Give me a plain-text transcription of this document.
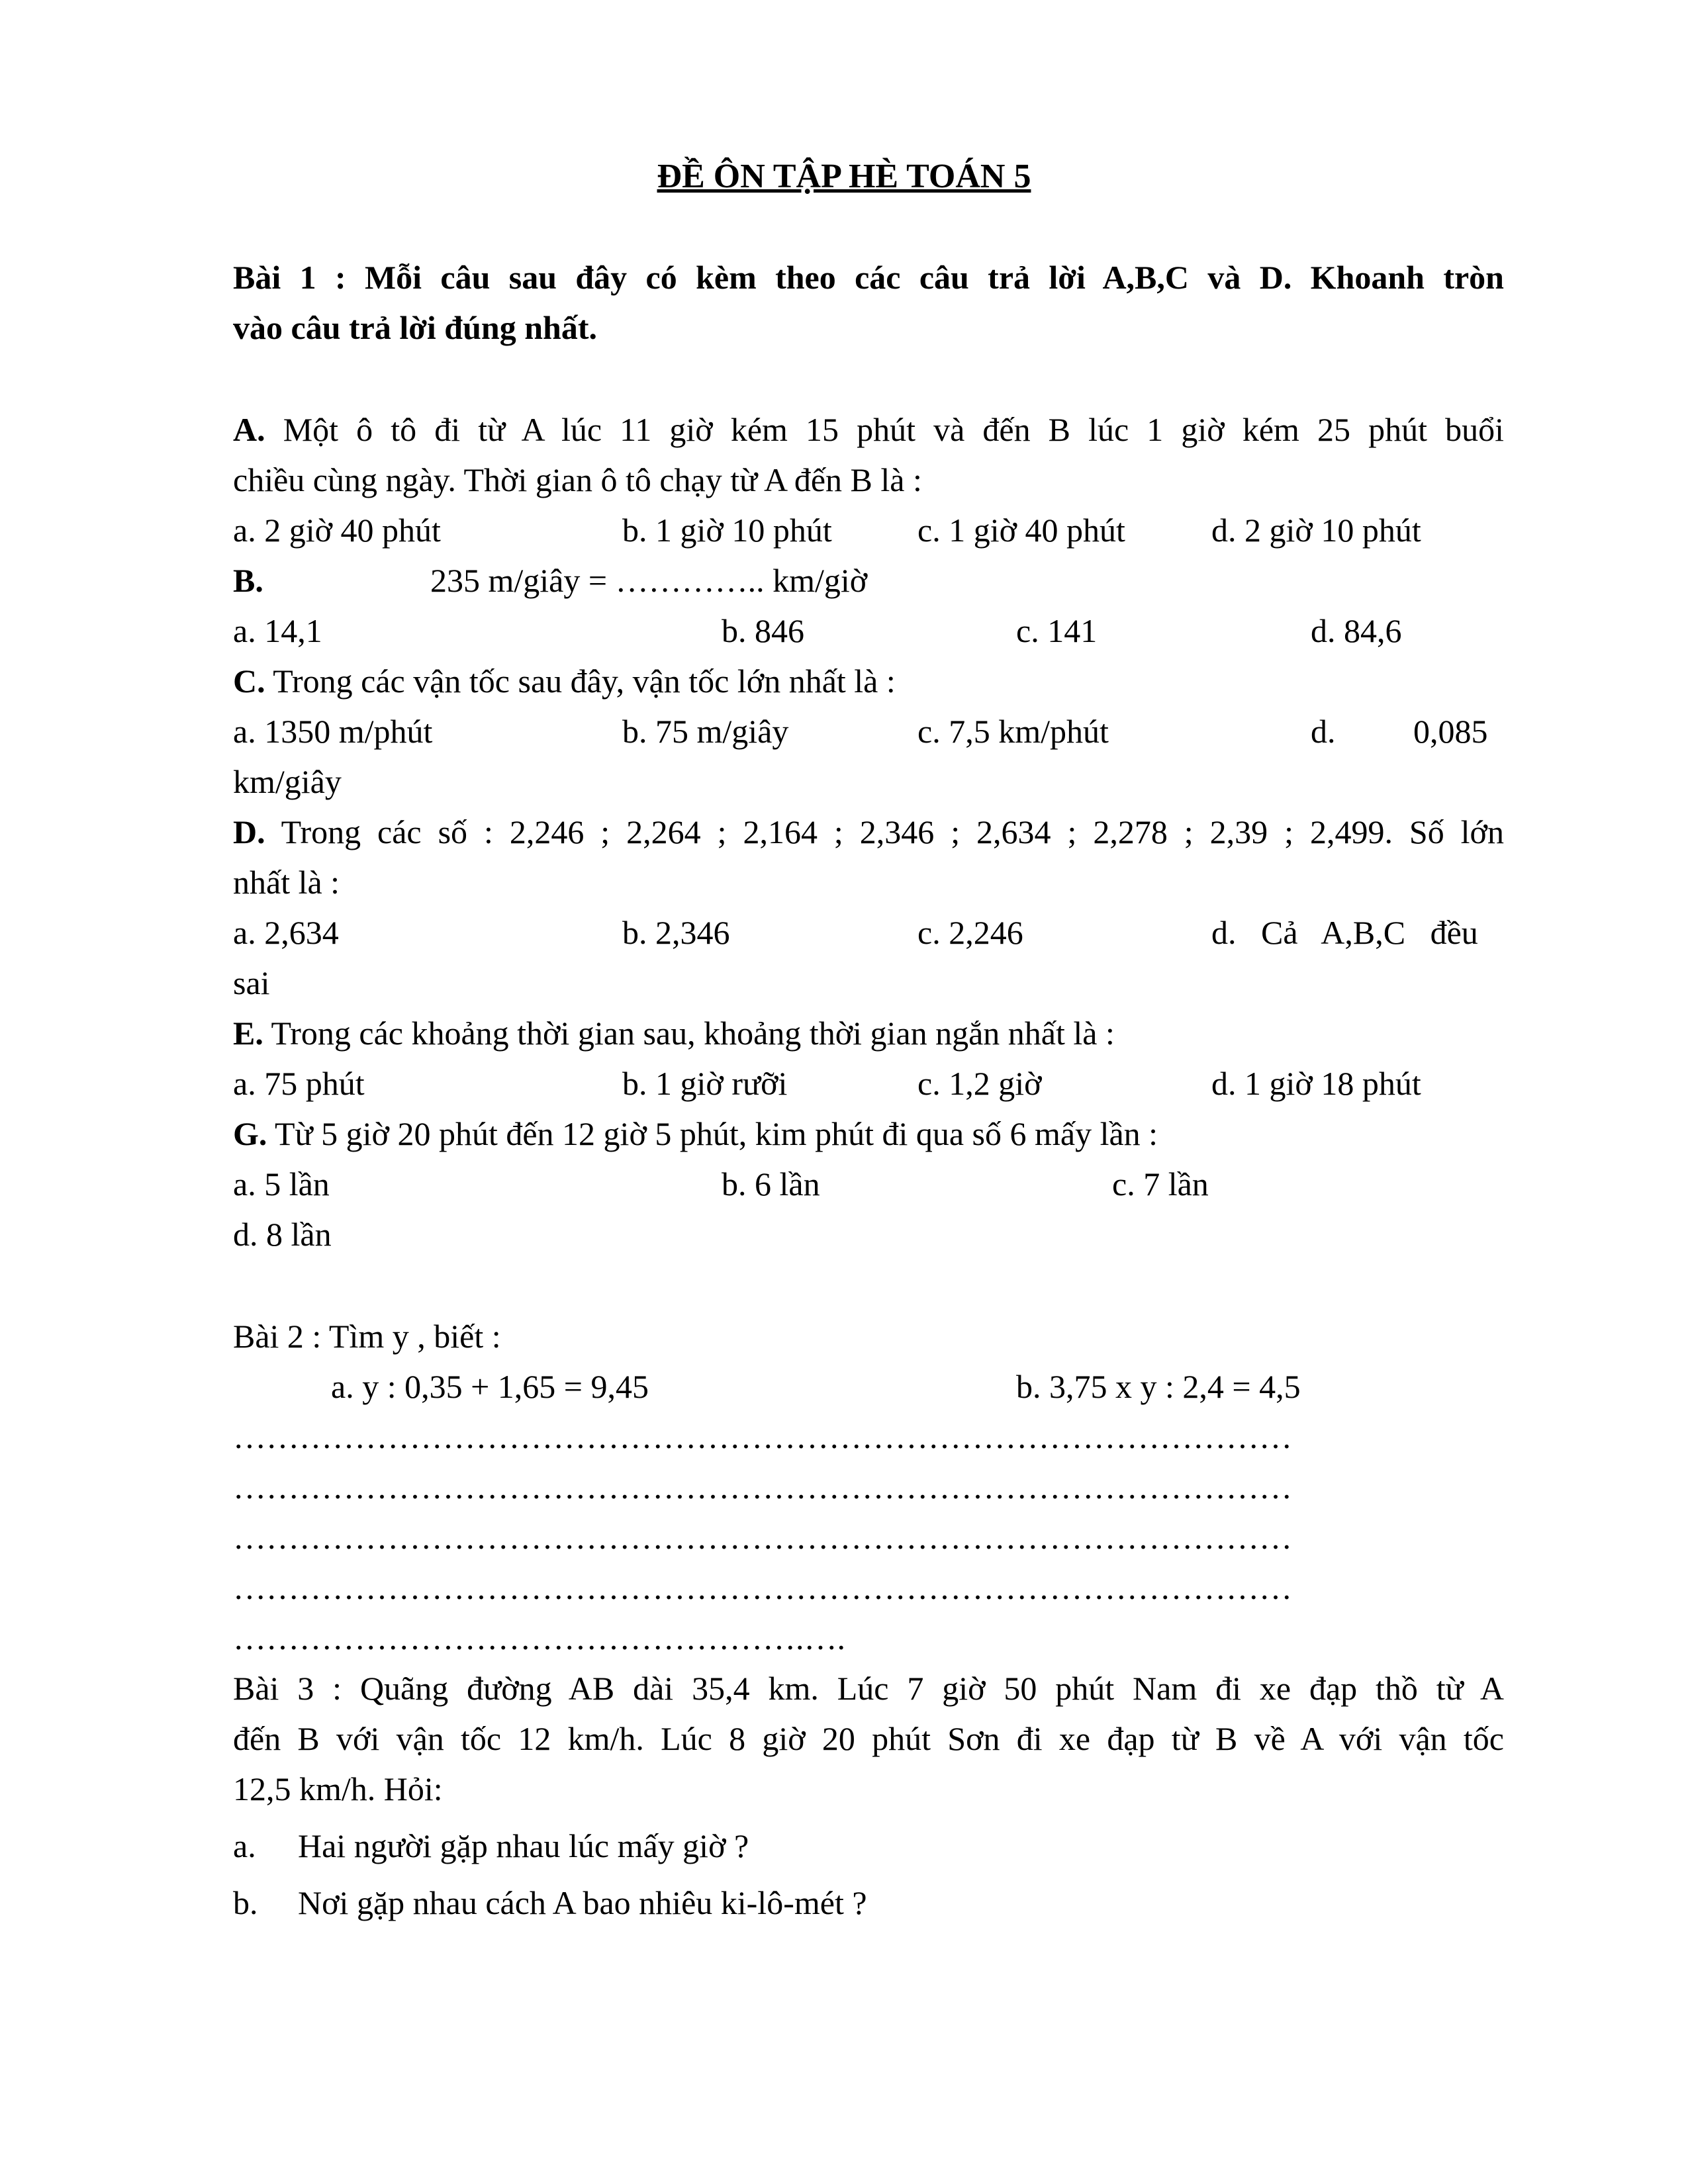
ĐỀ ÔN TẬP HÈ TOÁN 5

Bài 1 : Mỗi câu sau đây có kèm theo các câu trả lời A,B,C và D. Khoanh tròn

vào câu trả lời đúng nhất.

A. Một ô tô đi từ A lúc 11 giờ kém 15 phút và đến B lúc 1 giờ kém 25 phút buổi

chiều cùng ngày. Thời gian ô tô chạy từ A đến B là :

a. 2 giờ 40 phút	b. 1 giờ 10 phút	c. 1 giờ 40 phút	d. 2 giờ 10 phút

B.	235 m/giây = ………….. km/giờ

a. 14,1	b. 846	c. 141	d. 84,6

C. Trong các vận tốc sau đây, vận tốc lớn nhất là :

a. 1350 m/phút	b. 75 m/giây	c. 7,5 km/phút	d. 0,085

km/giây

D. Trong các số : 2,246 ; 2,264 ; 2,164 ; 2,346 ; 2,634 ; 2,278 ; 2,39 ; 2,499. Số lớn

nhất là :

a. 2,634	b. 2,346	c. 2,246	d.   Cả   A,B,C   đều

sai

E. Trong các khoảng thời gian sau, khoảng thời gian ngắn nhất là :

a. 75 phút	b. 1 giờ rưỡi	c. 1,2 giờ	d. 1 giờ 18 phút

G. Từ 5 giờ 20 phút đến 12 giờ 5 phút, kim phút đi qua số 6 mấy lần :

a. 5 lần	b. 6 lần	c. 7 lần

d. 8 lần

Bài 2 : Tìm y , biết :

a. y : 0,35 + 1,65 = 9,45	b. 3,75 x y : 2,4 = 4,5

……………………………………………………………………………………
……………………………………………………………………………………
……………………………………………………………………………………
……………………………………………………………………………………
…………………………………………….….

Bài 3 : Quãng đường AB dài 35,4 km. Lúc 7 giờ 50 phút Nam đi xe đạp thồ từ A

đến B với vận tốc 12 km/h. Lúc 8 giờ 20 phút Sơn đi xe đạp từ B về A với vận tốc

12,5 km/h. Hỏi:

a. Hai người gặp nhau lúc mấy giờ ?

b. Nơi gặp nhau cách A bao nhiêu ki-lô-mét ?
